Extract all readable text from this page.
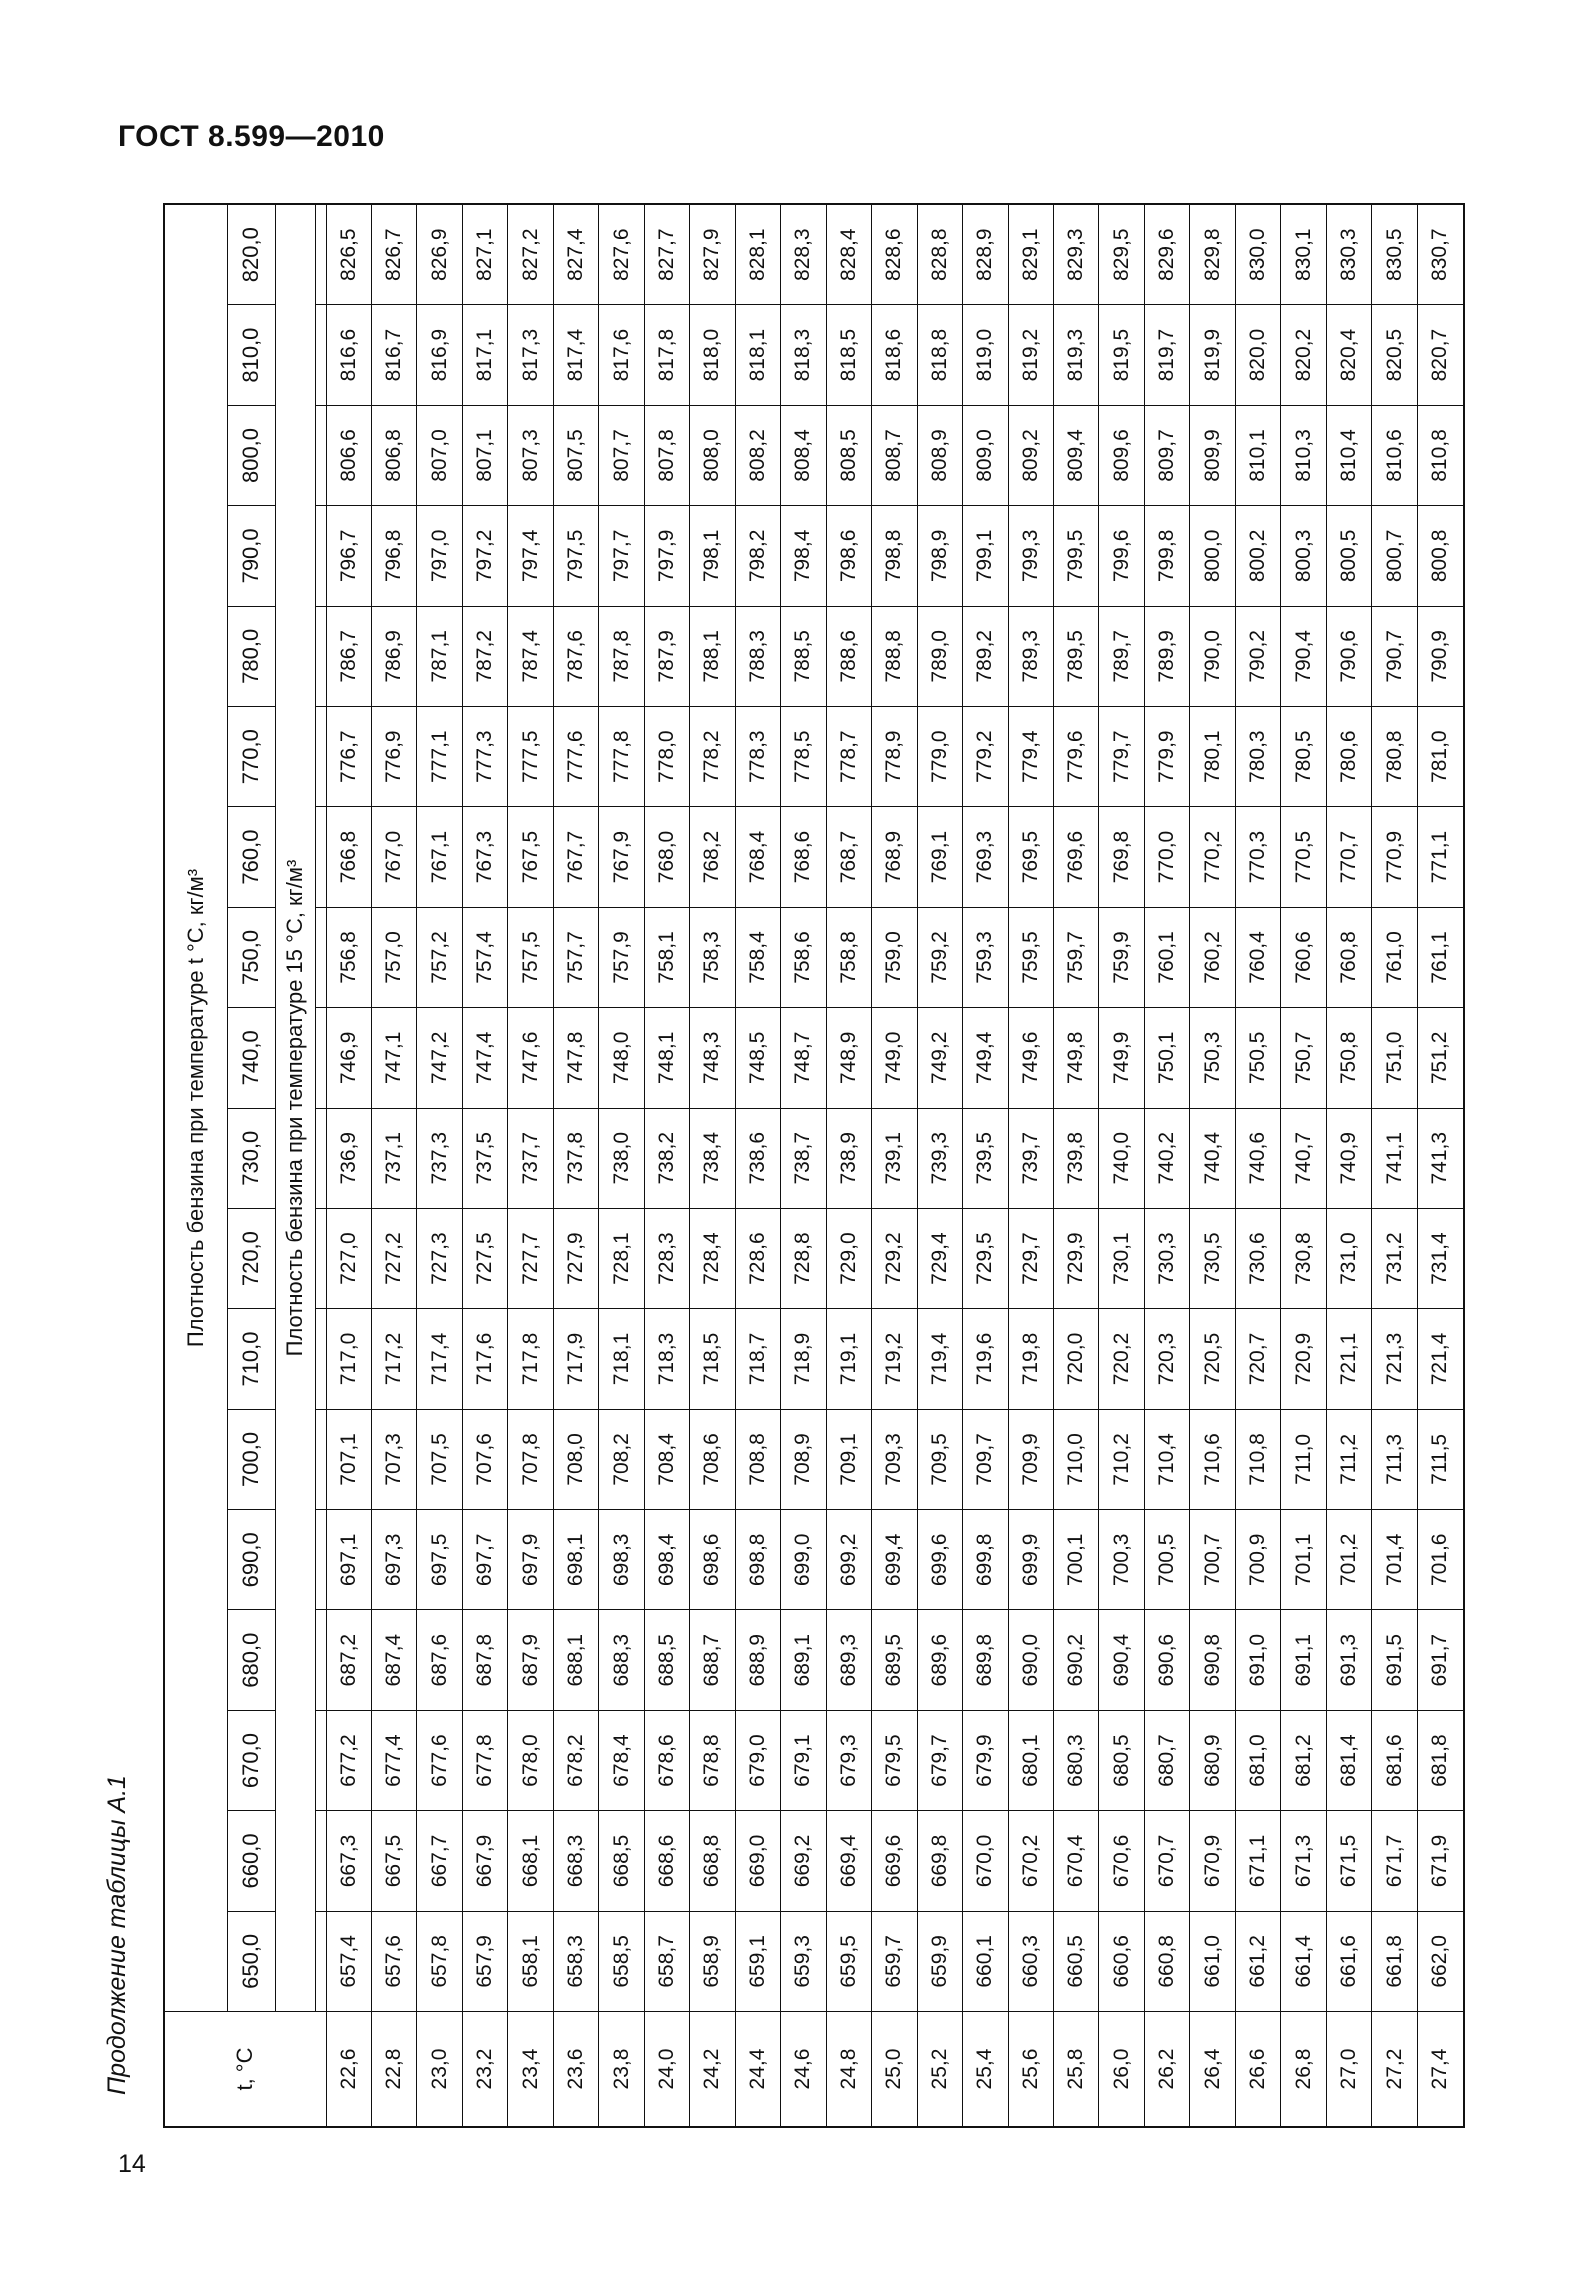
ГОСТ 8.599—2010
Продолжение таблицы А.1
14
t, °C	Плотность бензина при температуре t °С, кг/м³																	
	650,0	660,0	670,0	680,0	690,0	700,0	710,0	720,0	730,0	740,0	750,0	760,0	770,0	780,0	790,0	800,0	810,0	820,0
	Плотность бензина при температуре 15 °С, кг/м³																	

22,6	657,4	667,3	677,2	687,2	697,1	707,1	717,0	727,0	736,9	746,9	756,8	766,8	776,7	786,7	796,7	806,6	816,6	826,5
22,8	657,6	667,5	677,4	687,4	697,3	707,3	717,2	727,2	737,1	747,1	757,0	767,0	776,9	786,9	796,8	806,8	816,7	826,7
23,0	657,8	667,7	677,6	687,6	697,5	707,5	717,4	727,3	737,3	747,2	757,2	767,1	777,1	787,1	797,0	807,0	816,9	826,9
23,2	657,9	667,9	677,8	687,8	697,7	707,6	717,6	727,5	737,5	747,4	757,4	767,3	777,3	787,2	797,2	807,1	817,1	827,1
23,4	658,1	668,1	678,0	687,9	697,9	707,8	717,8	727,7	737,7	747,6	757,5	767,5	777,5	787,4	797,4	807,3	817,3	827,2
23,6	658,3	668,3	678,2	688,1	698,1	708,0	717,9	727,9	737,8	747,8	757,7	767,7	777,6	787,6	797,5	807,5	817,4	827,4
23,8	658,5	668,5	678,4	688,3	698,3	708,2	718,1	728,1	738,0	748,0	757,9	767,9	777,8	787,8	797,7	807,7	817,6	827,6
24,0	658,7	668,6	678,6	688,5	698,4	708,4	718,3	728,3	738,2	748,1	758,1	768,0	778,0	787,9	797,9	807,8	817,8	827,7
24,2	658,9	668,8	678,8	688,7	698,6	708,6	718,5	728,4	738,4	748,3	758,3	768,2	778,2	788,1	798,1	808,0	818,0	827,9
24,4	659,1	669,0	679,0	688,9	698,8	708,8	718,7	728,6	738,6	748,5	758,4	768,4	778,3	788,3	798,2	808,2	818,1	828,1
24,6	659,3	669,2	679,1	689,1	699,0	708,9	718,9	728,8	738,7	748,7	758,6	768,6	778,5	788,5	798,4	808,4	818,3	828,3
24,8	659,5	669,4	679,3	689,3	699,2	709,1	719,1	729,0	738,9	748,9	758,8	768,7	778,7	788,6	798,6	808,5	818,5	828,4
25,0	659,7	669,6	679,5	689,5	699,4	709,3	719,2	729,2	739,1	749,0	759,0	768,9	778,9	788,8	798,8	808,7	818,6	828,6
25,2	659,9	669,8	679,7	689,6	699,6	709,5	719,4	729,4	739,3	749,2	759,2	769,1	779,0	789,0	798,9	808,9	818,8	828,8
25,4	660,1	670,0	679,9	689,8	699,8	709,7	719,6	729,5	739,5	749,4	759,3	769,3	779,2	789,2	799,1	809,0	819,0	828,9
25,6	660,3	670,2	680,1	690,0	699,9	709,9	719,8	729,7	739,7	749,6	759,5	769,5	779,4	789,3	799,3	809,2	819,2	829,1
25,8	660,5	670,4	680,3	690,2	700,1	710,0	720,0	729,9	739,8	749,8	759,7	769,6	779,6	789,5	799,5	809,4	819,3	829,3
26,0	660,6	670,6	680,5	690,4	700,3	710,2	720,2	730,1	740,0	749,9	759,9	769,8	779,7	789,7	799,6	809,6	819,5	829,5
26,2	660,8	670,7	680,7	690,6	700,5	710,4	720,3	730,3	740,2	750,1	760,1	770,0	779,9	789,9	799,8	809,7	819,7	829,6
26,4	661,0	670,9	680,9	690,8	700,7	710,6	720,5	730,5	740,4	750,3	760,2	770,2	780,1	790,0	800,0	809,9	819,9	829,8
26,6	661,2	671,1	681,0	691,0	700,9	710,8	720,7	730,6	740,6	750,5	760,4	770,3	780,3	790,2	800,2	810,1	820,0	830,0
26,8	661,4	671,3	681,2	691,1	701,1	711,0	720,9	730,8	740,7	750,7	760,6	770,5	780,5	790,4	800,3	810,3	820,2	830,1
27,0	661,6	671,5	681,4	691,3	701,2	711,2	721,1	731,0	740,9	750,8	760,8	770,7	780,6	790,6	800,5	810,4	820,4	830,3
27,2	661,8	671,7	681,6	691,5	701,4	711,3	721,3	731,2	741,1	751,0	761,0	770,9	780,8	790,7	800,7	810,6	820,5	830,5
27,4	662,0	671,9	681,8	691,7	701,6	711,5	721,4	731,4	741,3	751,2	761,1	771,1	781,0	790,9	800,8	810,8	820,7	830,7
